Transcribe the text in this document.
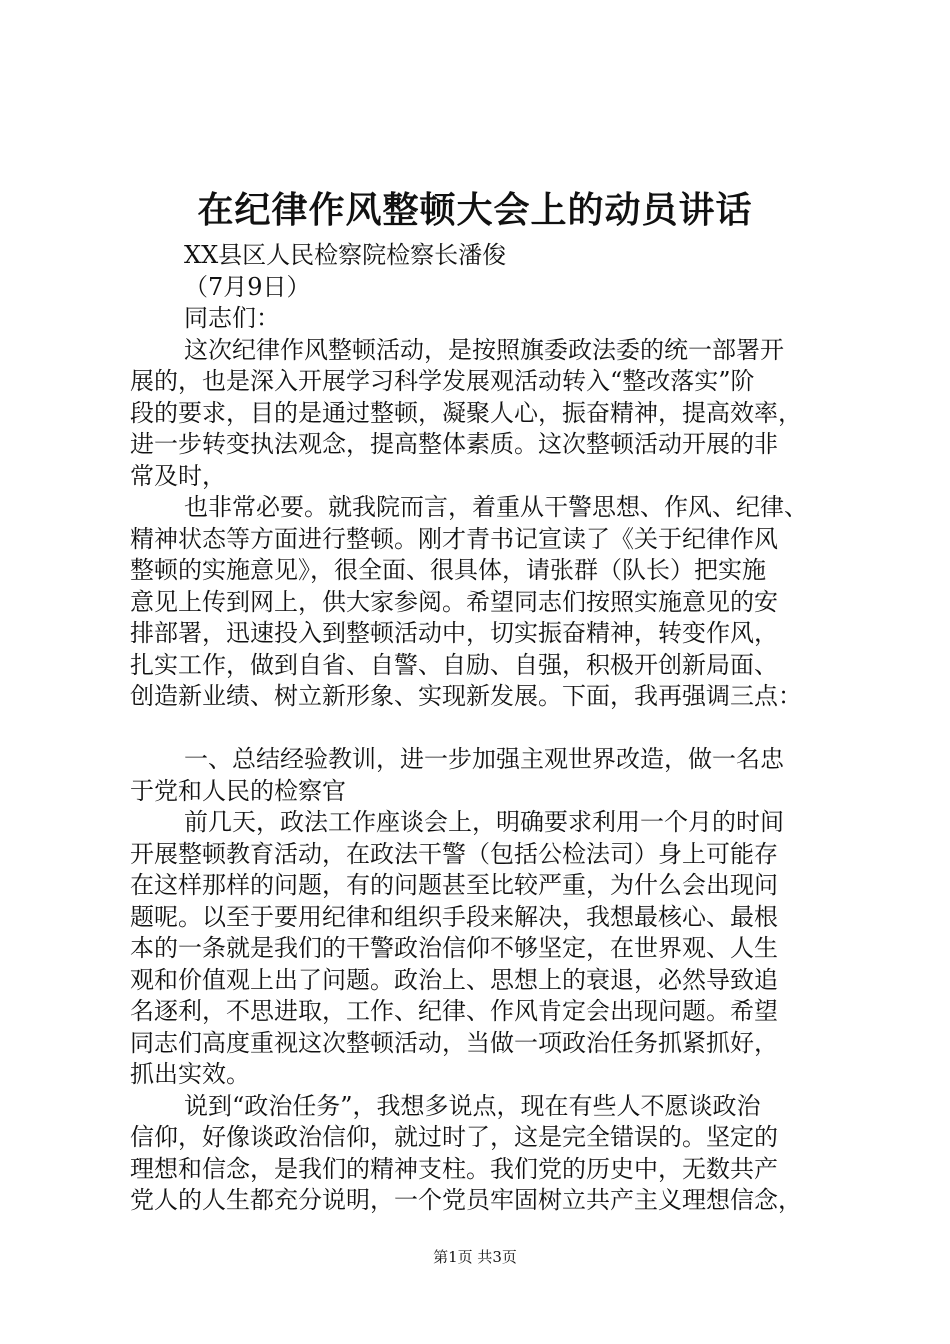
在纪律作风整顿大会上的动员讲话
XX县区人民检察院检察长潘俊
（7月9日）
同志们：
这次纪律作风整顿活动，是按照旗委政法委的统一部署开
展的，也是深入开展学习科学发展观活动转入“整改落实”阶
段的要求，目的是通过整顿，凝聚人心，振奋精神，提高效率，
进一步转变执法观念，提高整体素质。这次整顿活动开展的非
常及时，
也非常必要。就我院而言，着重从干警思想、作风、纪律、
精神状态等方面进行整顿。刚才青书记宣读了《关于纪律作风
整顿的实施意见》，很全面、很具体，请张群（队长）把实施
意见上传到网上，供大家参阅。希望同志们按照实施意见的安
排部署，迅速投入到整顿活动中，切实振奋精神，转变作风，
扎实工作，做到自省、自警、自励、自强，积极开创新局面、
创造新业绩、树立新形象、实现新发展。下面，我再强调三点：
一、总结经验教训，进一步加强主观世界改造，做一名忠
于党和人民的检察官
前几天，政法工作座谈会上，明确要求利用一个月的时间
开展整顿教育活动，在政法干警（包括公检法司）身上可能存
在这样那样的问题，有的问题甚至比较严重，为什么会出现问
题呢。以至于要用纪律和组织手段来解决，我想最核心、最根
本的一条就是我们的干警政治信仰不够坚定，在世界观、人生
观和价值观上出了问题。政治上、思想上的衰退，必然导致追
名逐利，不思进取，工作、纪律、作风肯定会出现问题。希望
同志们高度重视这次整顿活动，当做一项政治任务抓紧抓好，
抓出实效。
说到“政治任务”，我想多说点，现在有些人不愿谈政治
信仰，好像谈政治信仰，就过时了，这是完全错误的。坚定的
理想和信念，是我们的精神支柱。我们党的历史中，无数共产
党人的人生都充分说明，一个党员牢固树立共产主义理想信念，
第1页 共3页
